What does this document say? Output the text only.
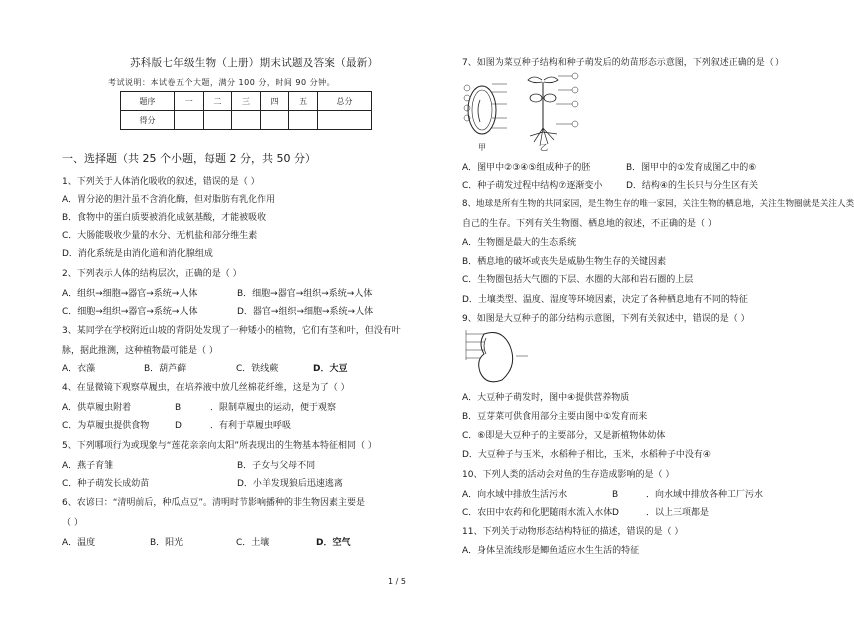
苏科版七年级生物（上册）期末试题及答案（最新）
考试说明：本试卷五个大题，满分 100 分，时间 90 分钟。
题序	一	二	三	四	五	总分
得分						
一、选择题（共 25 个小题，每题 2 分，共 50 分）
1、下列关于人体消化吸收的叙述，错误的是（ ）
A．胃分泌的胆汁虽不含消化酶，但对脂肪有乳化作用
B．食物中的蛋白质要被消化成氨基酸，才能被吸收
C．大肠能吸收少量的水分、无机盐和部分维生素
D．消化系统是由消化道和消化腺组成
2、下列表示人体的结构层次，正确的是（ ）
A．组织→细胞→器官→系统→人体	B．细胞→器官→组织→系统→人体
C．细胞→组织→器官→系统→人体	D．器官→组织→细胞→系统→人体
3、某同学在学校附近山坡的背阴处发现了一种矮小的植物，它们有茎和叶，但没有叶
脉，据此推测，这种植物最可能是（ ）
A．衣藻	B．葫芦藓	C．铁线蕨	D．大豆
4、在显微镜下观察草履虫，在培养液中放几丝棉花纤维，这是为了（ ）
A．供草履虫附着	B	．限制草履虫的运动，便于观察
C．为草履虫提供食物	D	．有利于草履虫呼吸
5、下列哪项行为或现象与“莲花亲亲向太阳”所表现出的生物基本特征相同（ ）
A．燕子育雏	B．子女与父母不同
C．种子萌发长成幼苗	D．小羊发现狼后迅速逃离
6、农谚曰：“清明前后，种瓜点豆”。清明时节影响播种的非生物因素主要是
（ ）
A．温度	B．阳光	C．土壤	D．空气
7、如图为菜豆种子结构和种子萌发后的幼苗形态示意图，下列叙述正确的是（ ）
甲	乙
A．图甲中②③④⑤组成种子的胚	B．图甲中的①发育成图乙中的⑥
C．种子萌发过程中结构⑦逐渐变小	D．结构④的生长只与分生区有关
8、地球是所有生物的共同家园，是生物生存的唯一家园，关注生物的栖息地，关注生物圈就是关注人类
自己的生存。下列有关生物圈、栖息地的叙述，不正确的是（ ）
A．生物圈是最大的生态系统
B．栖息地的破坏或丧失是威胁生物生存的关键因素
C．生物圈包括大气圈的下层、水圈的大部和岩石圈的上层
D．土壤类型、温度、湿度等环境因素，决定了各种栖息地有不同的特征
9、如图是大豆种子的部分结构示意图，下列有关叙述中，错误的是（ ）
A．大豆种子萌发时，图中④提供营养物质
B．豆芽菜可供食用部分主要由图中①发育而来
C．⑥即是大豆种子的主要部分，又是新植物体幼体
D．大豆种子与玉米，水稻种子相比，玉米，水稻种子中没有④
10、下列人类的活动会对鱼的生存造成影响的是（ ）
A．向水域中排放生活污水	B	．向水域中排放各种工厂污水
C．农田中农药和化肥随雨水流入水体 D	．以上三项都是
11、下列关于动物形态结构特征的描述，错误的是（ ）
A．身体呈流线形是鲫鱼适应水生生活的特征
1 / 5
